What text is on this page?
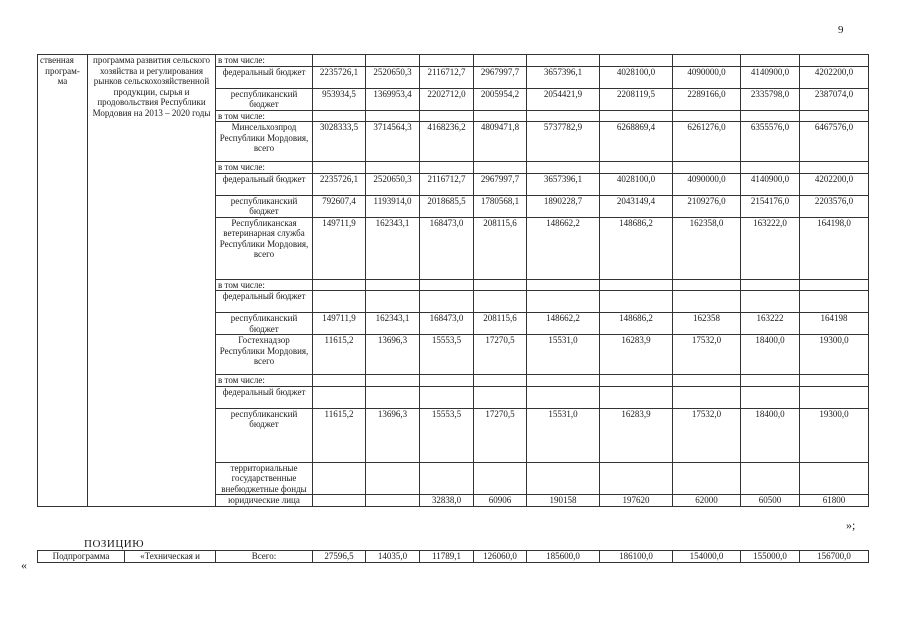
9
ственная
програм-
ма	программа развития сельского хозяйства и регулирования рынков сельскохозяйственной продукции, сырья и продовольствия Республики Мордовия на 2013 – 2020 годы	в том числе:									
		федеральный бюджет	2235726,1	2520650,3	2116712,7	2967997,7	3657396,1	4028100,0	4090000,0	4140900,0	4202200,0
		республиканский бюджет	953934,5	1369953,4	2202712,0	2005954,2	2054421,9	2208119,5	2289166,0	2335798,0	2387074,0
		в том числе:									
		Минсельхозпрод Республики Мордовия, всего	3028333,5	3714564,3	4168236,2	4809471,8	5737782,9	6268869,4	6261276,0	6355576,0	6467576,0
		в том числе:									
		федеральный бюджет	2235726,1	2520650,3	2116712,7	2967997,7	3657396,1	4028100,0	4090000,0	4140900,0	4202200,0
		республиканский бюджет	792607,4	1193914,0	2018685,5	1780568,1	1890228,7	2043149,4	2109276,0	2154176,0	2203576,0
		Республиканская ветеринарная служба Республики Мордовия, всего	149711,9	162343,1	168473,0	208115,6	148662,2	148686,2	162358,0	163222,0	164198,0
		в том числе:									
		федеральный бюджет									
		республиканский бюджет	149711,9	162343,1	168473,0	208115,6	148662,2	148686,2	162358	163222	164198
		Гостехнадзор Республики Мордовия, всего	11615,2	13696,3	15553,5	17270,5	15531,0	16283,9	17532,0	18400,0	19300,0
		в том числе:									
		федеральный бюджет									
		республиканский бюджет	11615,2	13696,3	15553,5	17270,5	15531,0	16283,9	17532,0	18400,0	19300,0
		территориальные государственные внебюджетные фонды									
		юридические лица			32838,0	60906	190158	197620	62000	60500	61800
»;
ПОЗИЦИЮ
«
Подпрограмма	«Техническая и	Всего:	27596,5	14035,0	11789,1	126060,0	185600,0	186100,0	154000,0	155000,0	156700,0
